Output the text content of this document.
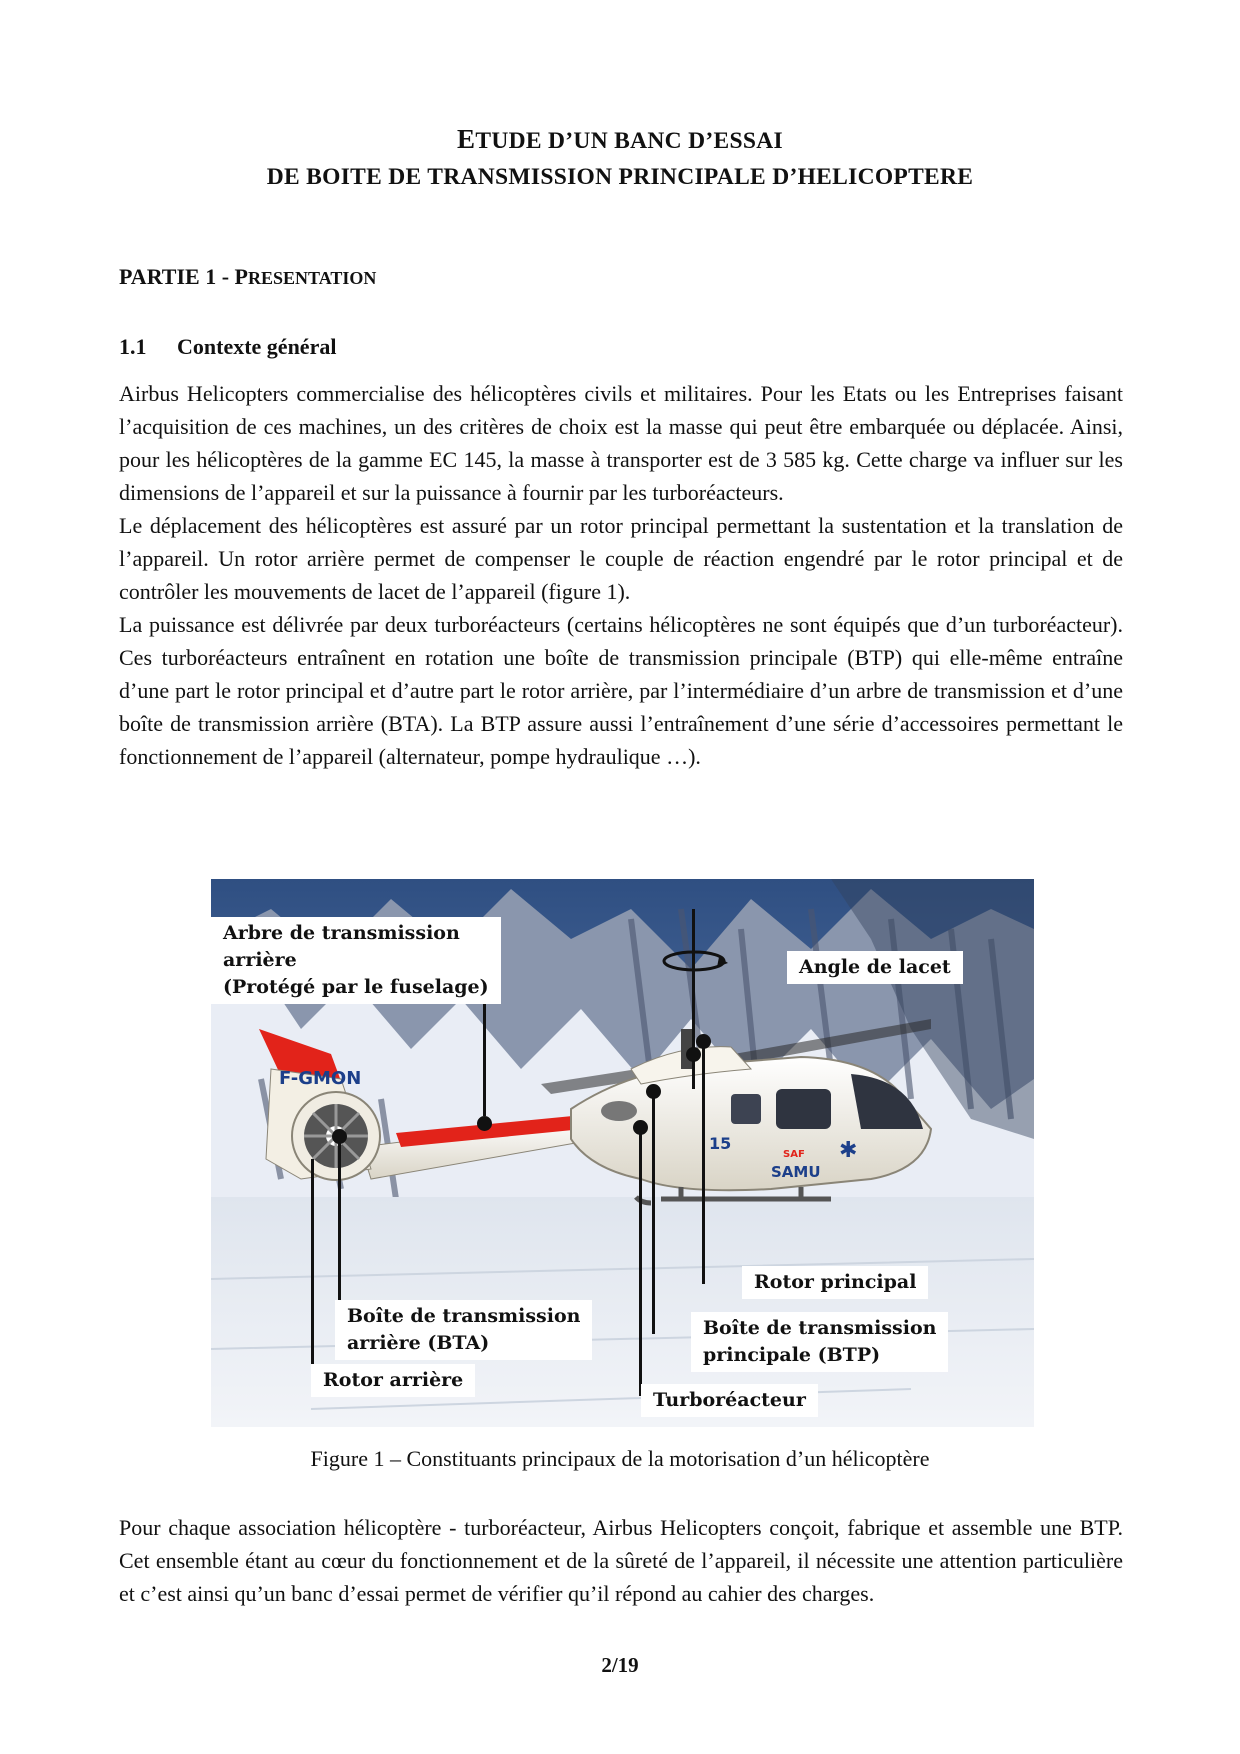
ETUDE D’UN BANC D’ESSAI
DE BOITE DE TRANSMISSION PRINCIPALE D’HELICOPTERE
PARTIE 1 - PRESENTATION
1.1 Contexte général

Airbus Helicopters commercialise des hélicoptères civils et militaires. Pour les Etats ou les Entreprises faisant l’acquisition de ces machines, un des critères de choix est la masse qui peut être embarquée ou déplacée. Ainsi, pour les hélicoptères de la gamme EC 145, la masse à transporter est de 3 585 kg. Cette charge va influer sur les dimensions de l’appareil et sur la puissance à fournir par les turboréacteurs.

Le déplacement des hélicoptères est assuré par un rotor principal permettant la sustentation et la translation de l’appareil. Un rotor arrière permet de compenser le couple de réaction engendré par le rotor principal et de contrôler les mouvements de lacet de l’appareil (figure 1).

La puissance est délivrée par deux turboréacteurs (certains hélicoptères ne sont équipés que d’un turboréacteur). Ces turboréacteurs entraînent en rotation une boîte de transmission principale (BTP) qui elle-même entraîne d’une part le rotor principal et d’autre part le rotor arrière, par l’intermédiaire d’un arbre de transmission et d’une boîte de transmission arrière (BTA). La BTP assure aussi l’entraînement d’une série d’accessoires permettant le fonctionnement de l’appareil (alternateur, pompe hydraulique …).

F-GMON
15
SAF
SAMU
✱
Arbre de transmission
arrière
(Protégé par le fuselage)
Angle de lacet
Rotor principal
Boîte de transmission
arrière (BTA)
Boîte de transmission
principale (BTP)
Rotor arrière
Turboréacteur
Figure 1 – Constituants principaux de la motorisation d’un hélicoptère

Pour chaque association hélicoptère - turboréacteur, Airbus Helicopters conçoit, fabrique et assemble une BTP. Cet ensemble étant au cœur du fonctionnement et de la sûreté de l’appareil, il nécessite une attention particulière et c’est ainsi qu’un banc d’essai permet de vérifier qu’il répond au cahier des charges.

2/19
